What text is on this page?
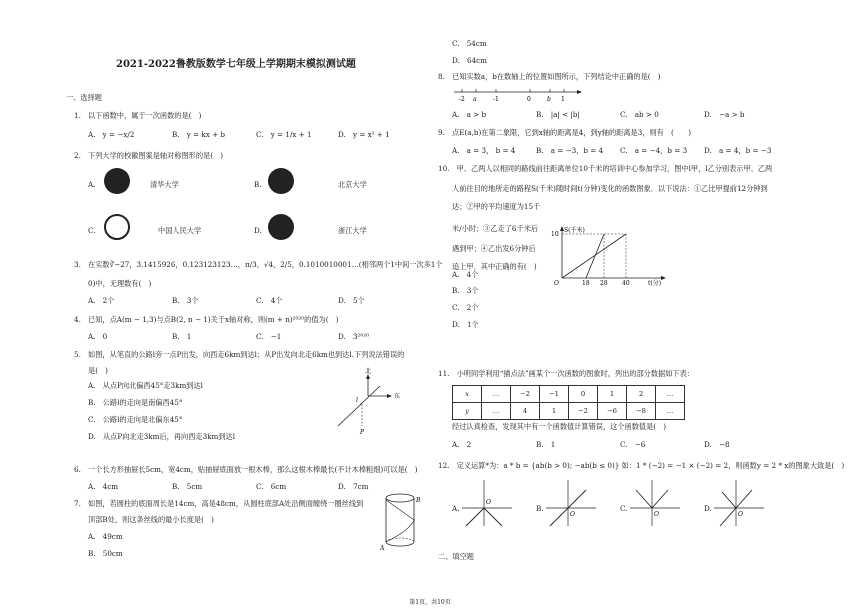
2021-2022鲁教版数学七年级上学期期末模拟测试题
一、选择题
1.　以下函数中，属于一次函数的是(　)
A.　y = −x/2	B.　y = kx + b	C.　y = 1/x + 1	D.　y = x² + 1
2.　下列大学的校徽图案是轴对称图形的是(　)
A.	清华大学	B.	北京大学
C.	中国人民大学	D.	浙江大学
3.　在实数∛−27，3.1415926，0.123123123…，π/3，√4，2/5，0.1010010001…(相邻两个1中间一次多1个
0)中，无理数有(　)
A.　2个	B.　3个	C.　4个	D.　5个
4.　已知，点A(m − 1,3)与点B(2, n − 1)关于x轴对称，则(m + n)²⁰²⁰的值为(　)
A.　0	B.　1	C.　−1	D.　3²⁰²⁰
5.　如图，从笔直的公路l旁一点P出发，向西走6km到达l；从P出发向北走6km也到达l.下列说法错误的
是(　)
A.　从点P向北偏西45°走3km到达l
B.　公路l的走向是南偏西45°
C.　公路l的走向是北偏东45°
D.　从点P向北走3km后，再向西走3km到达l
6.　一个长方形抽屉长5cm，宽4cm，贴抽屉底面放一根木棒，那么这根木棒最长(不计木棒粗细)可以是(　)
A.　4cm	B.　5cm	C.　6cm	D.　7cm
7.　如图，若圆柱的底面周长是14cm，高是48cm，从圆柱底部A处沿侧面缠绕一圈丝线到
顶部B处，则这条丝线的最小长度是(　)
A.　49cm
B.　50cm
北
东
l
P
B
A
C.　54cm
D.　64cm
8.　已知实数a，b在数轴上的位置如图所示，下列结论中正确的是(　)
A.　a > b	B.　|a| < |b|	C.　ab > 0	D.　−a > b
9.　点E(a,b)在第二象限，它到x轴的距离是4，到y轴的距离是3，则有　(　　)
A.　a = 3， b = 4	B.　a = −3，b = 4 C.　a = −4，b = 3 D.　a = 4，b = −3
10.　甲、乙两人以相同的路线前往距离单位10千米的培训中心参加学习，图中l甲，l乙分别表示甲、乙两
人前往目的地所走的路程S(千米)随时间t(分钟)变化的函数图象．以下说法：①乙比甲提前12分钟到
达；②甲的平均速度为15千
米/小时；③乙走了6千米后
遇到甲；④乙出发6分钟后
追上甲．其中正确的有(　)
A.　4个
B.　3个
C.　2个
D.　1个
11.　小明同学利用“描点法”画某个一次函数的图象时，列出的部分数据如下表：
经过认真检查，发现其中有一个函数值计算错误，这个函数值是(　)
A.　2	B.　1	C.　−6	D.　−8
12.　定义运算*为：a * b = {ab(b > 0); −ab(b ≤ 0)} 如：1 * (−2) = −1 × (−2) = 2，则函数y = 2 * x的图象大致是(　)
A.	B.	C.	D.
二、填空题
-2 a	-1	0	b 1
S(千米)
t(分)
O
10
18 28 40
x	…	−2	−1	0	1	2	…
y	…	4	1	−2	−6	−8	…
O
O	O	O
第1页，共10页
